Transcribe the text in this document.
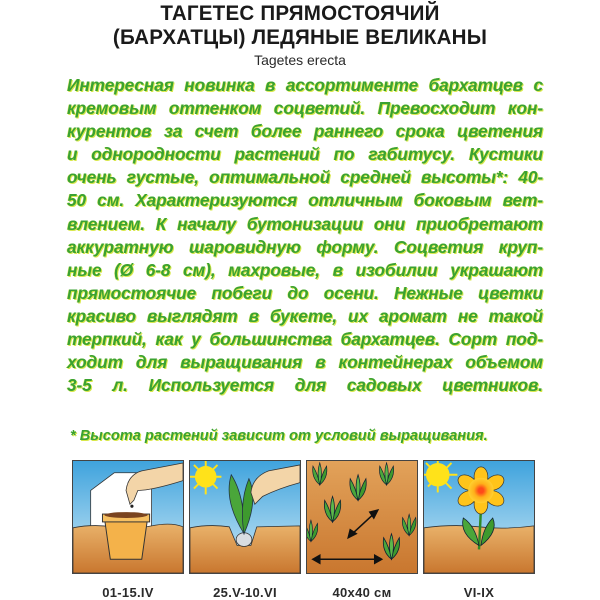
ТАГЕТЕС ПРЯМОСТОЯЧИЙ
(БАРХАТЦЫ) ЛЕДЯНЫЕ ВЕЛИКАНЫ
Tagetes erecta
Интересная новинка в ассортименте бархатцев с
кремовым оттенком соцветий. Превосходит кон-
курентов за счет более раннего срока цветения
и однородности растений по габитусу. Кустики
очень густые, оптимальной средней высоты*: 40-
50 см. Характеризуются отличным боковым вет-
влением. К началу бутонизации они приобретают
аккуратную шаровидную форму. Соцветия круп-
ные (Ø 6-8 см), махровые, в изобилии украшают
прямостоячие побеги до осени. Нежные цветки
красиво выглядят в букете, их аромат не такой
терпкий, как у большинства бархатцев. Сорт под-
ходит для выращивания в контейнерах объемом
3-5 л. Используется для садовых цветников.
* Высота растений зависит от условий выращивания.
01-15.IV	25.V-10.VI	40x40 см	VI-IX
